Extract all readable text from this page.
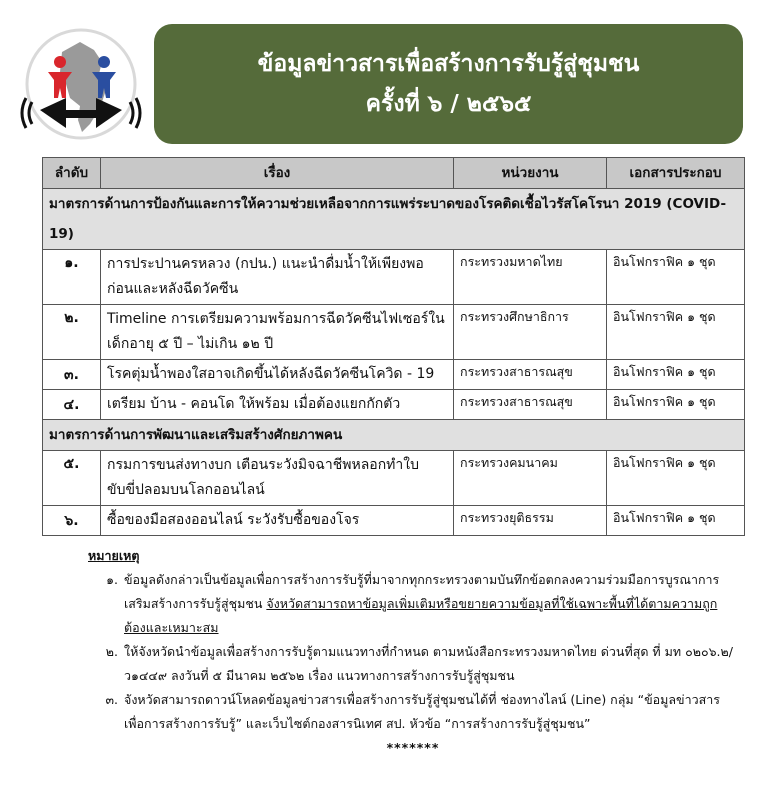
ข้อมูลข่าวสารเพื่อสร้างการรับรู้สู่ชุมชน
ครั้งที่ ๖ / ๒๕๖๕
ลำดับ	เรื่อง	หน่วยงาน	เอกสารประกอบ
มาตรการด้านการป้องกันและการให้ความช่วยเหลือจากการแพร่ระบาดของโรคติดเชื้อไวรัสโคโรนา 2019 (COVID-19)			
๑.	การประปานครหลวง (กปน.) แนะนำดื่มน้ำให้เพียงพอก่อนและหลังฉีดวัคซีน	กระทรวงมหาดไทย	อินโฟกราฟิค ๑ ชุด
๒.	Timeline การเตรียมความพร้อมการฉีดวัคซีนไฟเซอร์ในเด็กอายุ ๕ ปี – ไม่เกิน ๑๒ ปี	กระทรวงศึกษาธิการ	อินโฟกราฟิค ๑ ชุด
๓.	โรคตุ่มน้ำพองใสอาจเกิดขึ้นได้หลังฉีดวัคซีนโควิด - 19	กระทรวงสาธารณสุข	อินโฟกราฟิค ๑ ชุด
๔.	เตรียม บ้าน - คอนโด ให้พร้อม เมื่อต้องแยกกักตัว	กระทรวงสาธารณสุข	อินโฟกราฟิค ๑ ชุด
มาตรการด้านการพัฒนาและเสริมสร้างศักยภาพคน			
๕.	กรมการขนส่งทางบก เตือนระวังมิจฉาชีพหลอกทำใบขับขี่ปลอมบนโลกออนไลน์	กระทรวงคมนาคม	อินโฟกราฟิค ๑ ชุด
๖.	ซื้อของมือสองออนไลน์ ระวังรับซื้อของโจร	กระทรวงยุติธรรม	อินโฟกราฟิค ๑ ชุด
หมายเหตุ
๑. ข้อมูลดังกล่าวเป็นข้อมูลเพื่อการสร้างการรับรู้ที่มาจากทุกกระทรวงตามบันทึกข้อตกลงความร่วมมือการบูรณาการเสริมสร้างการรับรู้สู่ชุมชน จังหวัดสามารถหาข้อมูลเพิ่มเติมหรือขยายความข้อมูลที่ใช้เฉพาะพื้นที่ได้ตามความถูกต้องและเหมาะสม
๒. ให้จังหวัดนำข้อมูลเพื่อสร้างการรับรู้ตามแนวทางที่กำหนด ตามหนังสือกระทรวงมหาดไทย ด่วนที่สุด ที่ มท ๐๒๐๖.๒/ว๑๔๔๙ ลงวันที่ ๕ มีนาคม ๒๕๖๒ เรื่อง แนวทางการสร้างการรับรู้สู่ชุมชน
๓. จังหวัดสามารถดาวน์โหลดข้อมูลข่าวสารเพื่อสร้างการรับรู้สู่ชุมชนได้ที่ ช่องทางไลน์ (Line) กลุ่ม “ข้อมูลข่าวสารเพื่อการสร้างการรับรู้” และเว็บไซต์กองสารนิเทศ สป. หัวข้อ “การสร้างการรับรู้สู่ชุมชน”
*******
